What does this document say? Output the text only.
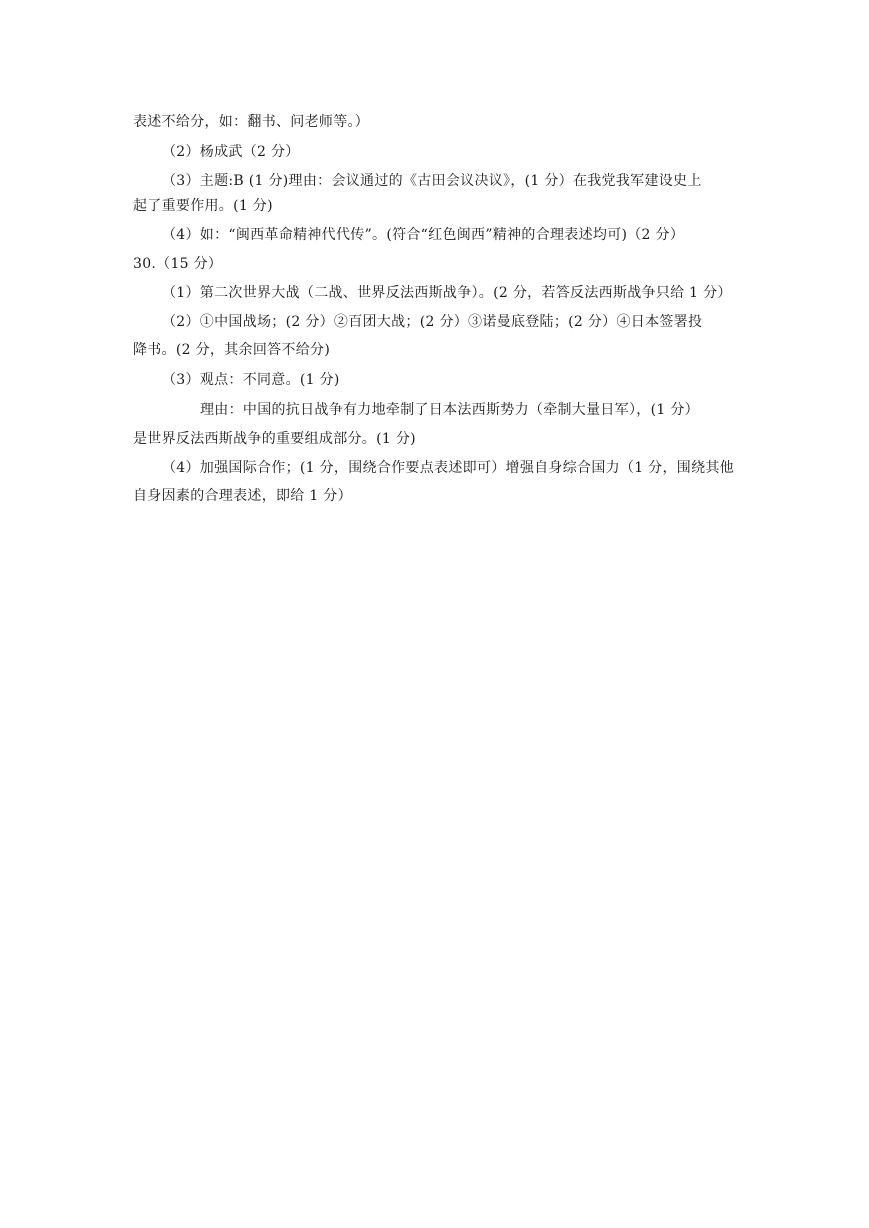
表述不给分，如：翻书、问老师等。）
（2）杨成武（2 分）
（3）主题:B (1 分)理由：会议通过的《古田会议决议》，(1 分）在我党我军建设史上
起了重要作用。(1 分)
（4）如：“闽西革命精神代代传”。(符合“红色闽西”精神的合理表述均可)（2 分）
30.（15 分）
（1）第二次世界大战（二战、世界反法西斯战争）。(2 分，若答反法西斯战争只给 1 分）
（2）①中国战场；(2 分）②百团大战；(2 分）③诺曼底登陆；(2 分）④日本签署投
降书。(2 分，其余回答不给分)
（3）观点：不同意。(1 分)
理由：中国的抗日战争有力地牵制了日本法西斯势力（牵制大量日军），(1 分）
是世界反法西斯战争的重要组成部分。(1 分)
（4）加强国际合作；(1 分，围绕合作要点表述即可）增强自身综合国力（1 分，围绕其他
自身因素的合理表述，即给 1 分）
